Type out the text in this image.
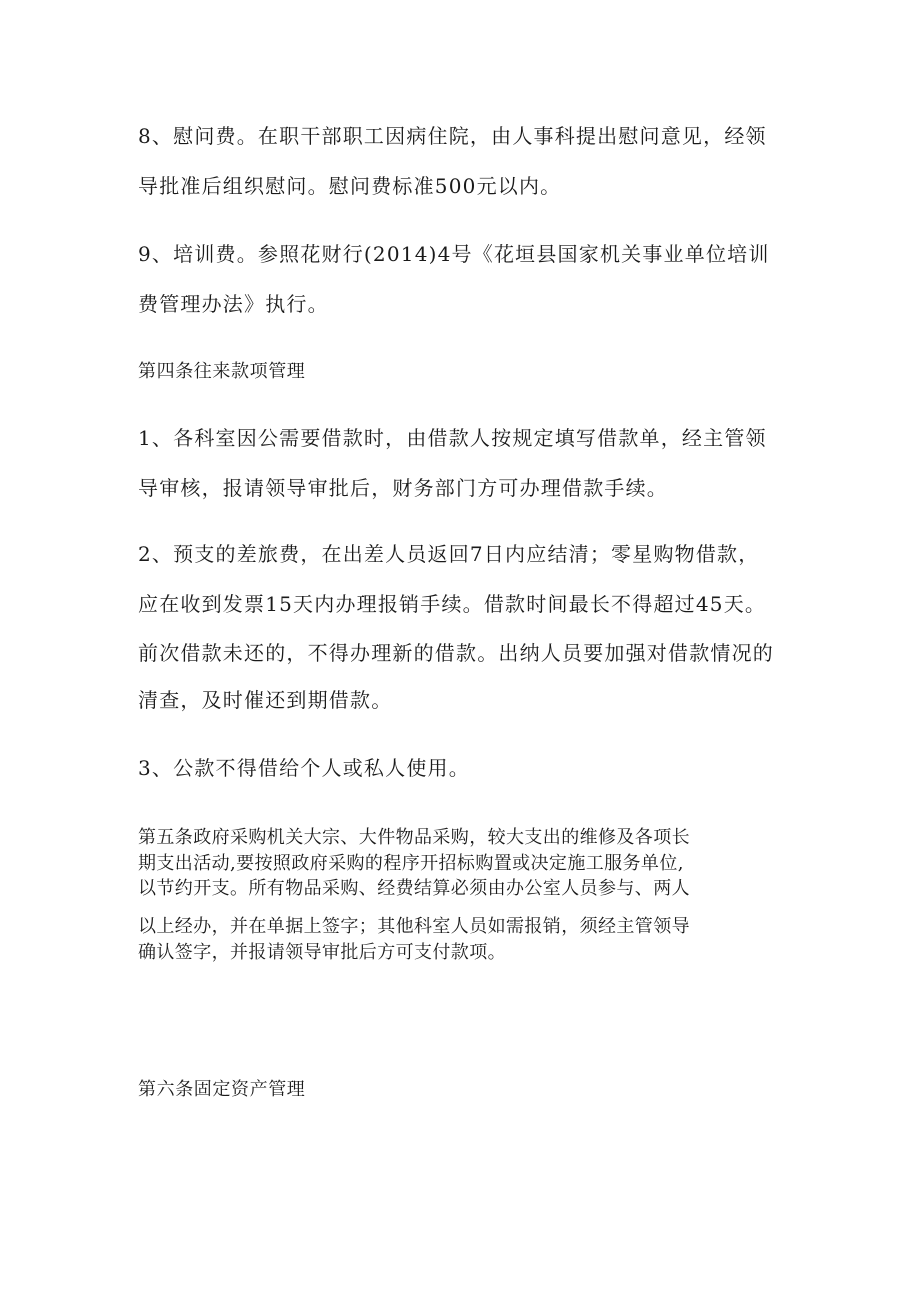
8、慰问费。在职干部职工因病住院，由人事科提出慰问意见，经领
导批准后组织慰问。慰问费标准500元以内。
9、培训费。参照花财行(2014)4号《花垣县国家机关事业单位培训
费管理办法》执行。
第四条往来款项管理
1、各科室因公需要借款时，由借款人按规定填写借款单，经主管领
导审核，报请领导审批后，财务部门方可办理借款手续。
2、预支的差旅费，在出差人员返回7日内应结清；零星购物借款，
应在收到发票15天内办理报销手续。借款时间最长不得超过45天。
前次借款未还的，不得办理新的借款。出纳人员要加强对借款情况的
清查，及时催还到期借款。
3、公款不得借给个人或私人使用。
第五条政府采购机关大宗、大件物品采购，较大支出的维修及各项长
期支出活动,要按照政府采购的程序开招标购置或决定施工服务单位,
以节约开支。所有物品采购、经费结算必须由办公室人员参与、两人
以上经办，并在单据上签字；其他科室人员如需报销，须经主管领导
确认签字，并报请领导审批后方可支付款项。
第六条固定资产管理
